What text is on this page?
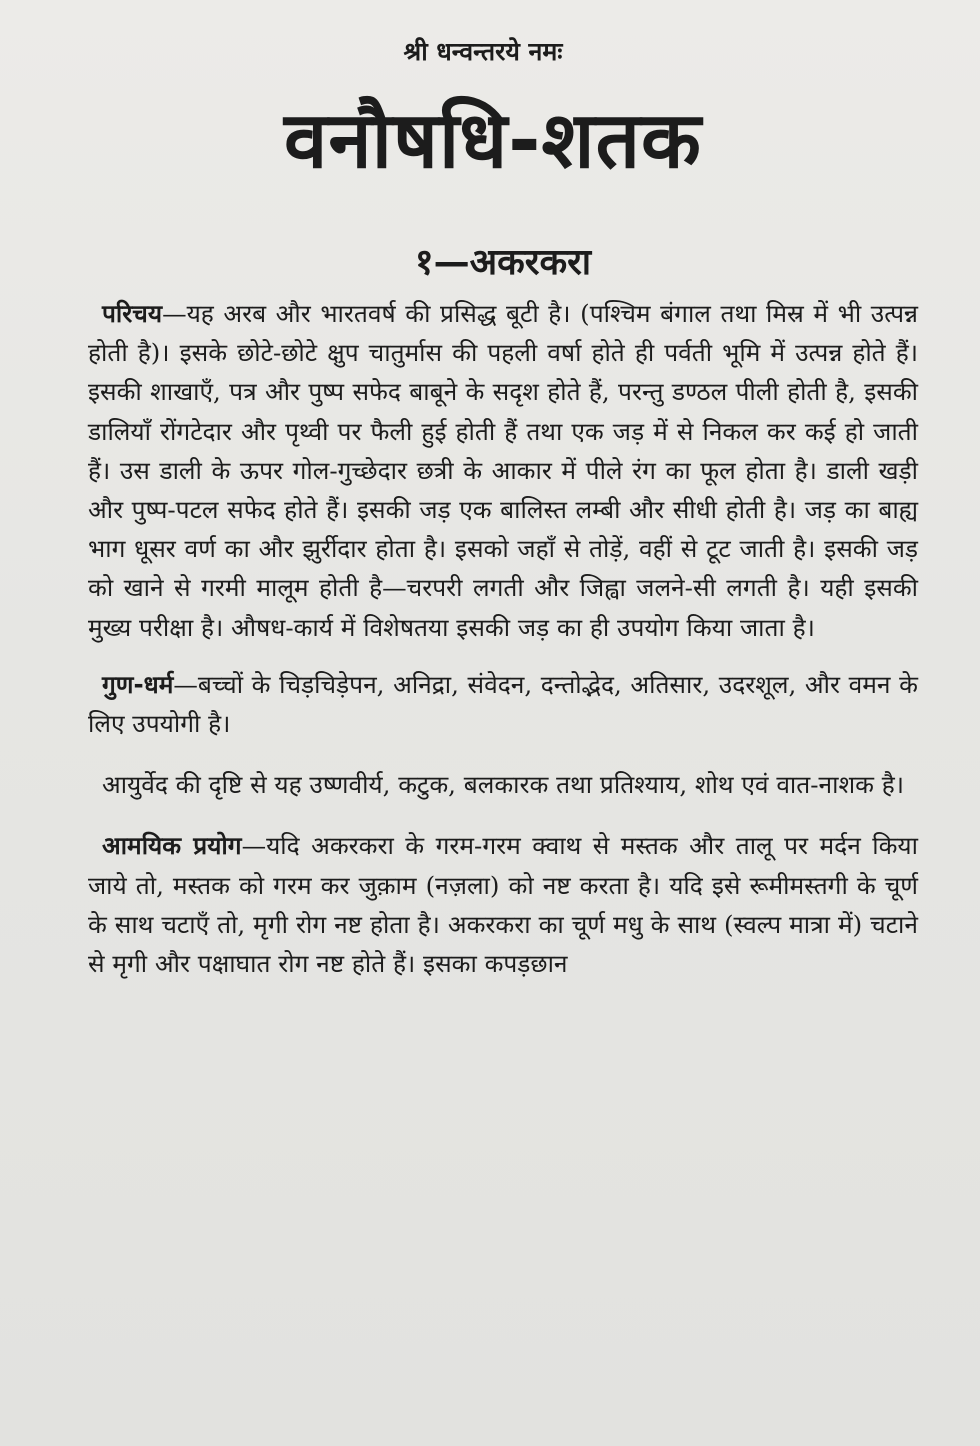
श्री धन्वन्तरये नमः
वनौषधि-शतक
१—अकरकरा

परिचय—यह अरब और भारतवर्ष की प्रसिद्ध बूटी है। (पश्चिम बंगाल तथा मिस्र में भी उत्पन्न होती है)। इसके छोटे-छोटे क्षुप चातुर्मास की पहली वर्षा होते ही पर्वती भूमि में उत्पन्न होते हैं। इसकी शाखाएँ, पत्र और पुष्प सफेद बाबूने के सदृश होते हैं, परन्तु डण्ठल पीली होती है, इसकी डालियाँ रोंगटेदार और पृथ्वी पर फैली हुई होती हैं तथा एक जड़ में से निकल कर कई हो जाती हैं। उस डाली के ऊपर गोल-गुच्छेदार छत्री के आकार में पीले रंग का फूल होता है। डाली खड़ी और पुष्प-पटल सफेद होते हैं। इसकी जड़ एक बालिस्त लम्बी और सीधी होती है। जड़ का बाह्य भाग धूसर वर्ण का और झुर्रीदार होता है। इसको जहाँ से तोड़ें, वहीं से टूट जाती है। इसकी जड़ को खाने से गरमी मालूम होती है—चरपरी लगती और जिह्वा जलने-सी लगती है। यही इसकी मुख्य परीक्षा है। औषध-कार्य में विशेषतया इसकी जड़ का ही उपयोग किया जाता है।

गुण-धर्म—बच्चों के चिड़चिड़ेपन, अनिद्रा, संवेदन, दन्तोद्भेद, अतिसार, उदरशूल, और वमन के लिए उपयोगी है।

आयुर्वेद की दृष्टि से यह उष्णवीर्य, कटुक, बलकारक तथा प्रतिश्याय, शोथ एवं वात-नाशक है।

आमयिक प्रयोग—यदि अकरकरा के गरम-गरम क्वाथ से मस्तक और तालू पर मर्दन किया जाये तो, मस्तक को गरम कर जुक़ाम (नज़ला) को नष्ट करता है। यदि इसे रूमीमस्तगी के चूर्ण के साथ चटाएँ तो, मृगी रोग नष्ट होता है। अकरकरा का चूर्ण मधु के साथ (स्वल्प मात्रा में) चटाने से मृगी और पक्षाघात रोग नष्ट होते हैं। इसका कपड़छान
